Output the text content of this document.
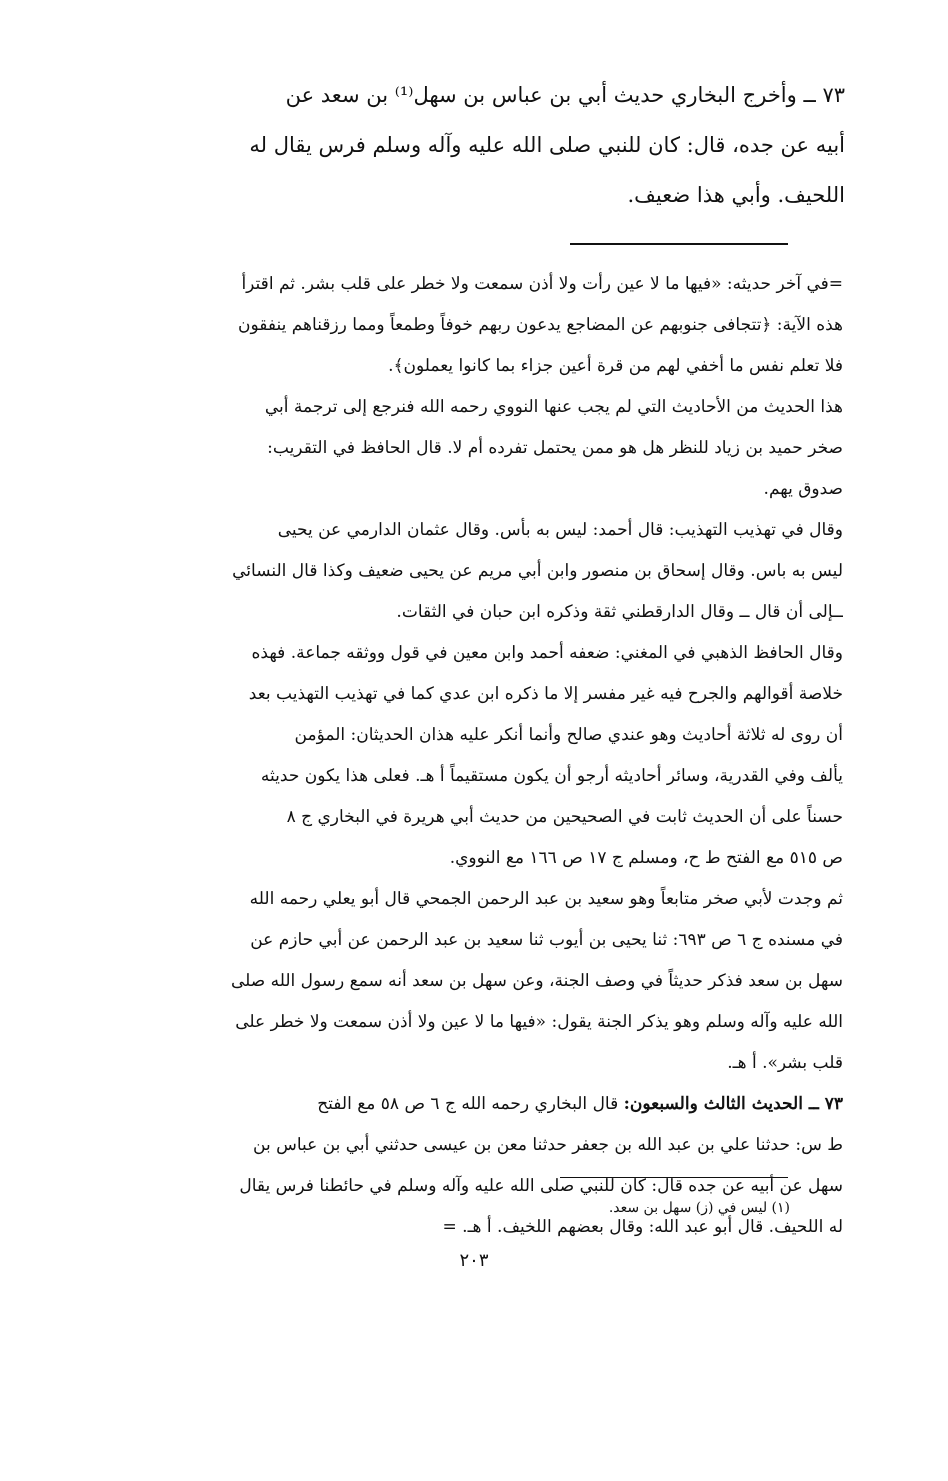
٧٣ ــ وأخرج البخاري حديث أبي بن عباس بن سهل⁽¹⁾ بن سعد عن
أبيه عن جده، قال: كان للنبي صلى الله عليه وآله وسلم فرس يقال له
اللحيف. وأبي هذا ضعيف.
=في آخر حديثه: «فيها ما لا عين رأت ولا أذن سمعت ولا خطر على قلب بشر. ثم اقترأ
هذه الآية: ﴿تتجافى جنوبهم عن المضاجع يدعون ربهم خوفاً وطمعاً ومما رزقناهم ينفقون
فلا تعلم نفس ما أخفي لهم من قرة أعين جزاء بما كانوا يعملون﴾.
هذا الحديث من الأحاديث التي لم يجب عنها النووي رحمه الله فنرجع إلى ترجمة أبي
صخر حميد بن زياد للنظر هل هو ممن يحتمل تفرده أم لا. قال الحافظ في التقريب:
صدوق يهم.
وقال في تهذيب التهذيب: قال أحمد: ليس به بأس. وقال عثمان الدارمي عن يحيى
ليس به باس. وقال إسحاق بن منصور وابن أبي مريم عن يحيى ضعيف وكذا قال النسائي
ــإلى أن قال ــ وقال الدارقطني ثقة وذكره ابن حبان في الثقات.
وقال الحافظ الذهبي في المغني: ضعفه أحمد وابن معين في قول ووثقه جماعة. فهذه
خلاصة أقوالهم والجرح فيه غير مفسر إلا ما ذكره ابن عدي كما في تهذيب التهذيب بعد
أن روى له ثلاثة أحاديث وهو عندي صالح وأنما أنكر عليه هذان الحديثان: المؤمن
يألف وفي القدرية، وسائر أحاديثه أرجو أن يكون مستقيماً أ هـ. فعلى هذا يكون حديثه
حسناً على أن الحديث ثابت في الصحيحين من حديث أبي هريرة في البخاري ج ٨
ص ٥١٥ مع الفتح ط ح، ومسلم ج ١٧ ص ١٦٦ مع النووي.
ثم وجدت لأبي صخر متابعاً وهو سعيد بن عبد الرحمن الجمحي قال أبو يعلي رحمه الله
في مسنده ج ٦ ص ٦٩٣: ثنا يحيى بن أيوب ثنا سعيد بن عبد الرحمن عن أبي حازم عن
سهل بن سعد فذكر حديثاً في وصف الجنة، وعن سهل بن سعد أنه سمع رسول الله صلى
الله عليه وآله وسلم وهو يذكر الجنة يقول: «فيها ما لا عين ولا أذن سمعت ولا خطر على
قلب بشر». أ هـ.
٧٣ ــ الحديث الثالث والسبعون: قال البخاري رحمه الله ج ٦ ص ٥٨ مع الفتح
ط س: حدثنا علي بن عبد الله بن جعفر حدثنا معن بن عيسى حدثني أبي بن عباس بن
سهل عن أبيه عن جده قال: كان للنبي صلى الله عليه وآله وسلم في حائطنا فرس يقال
له اللحيف. قال أبو عبد الله: وقال بعضهم اللخيف. أ هـ. =
(١) ليس في (ز) سهل بن سعد.
٢٠٣
